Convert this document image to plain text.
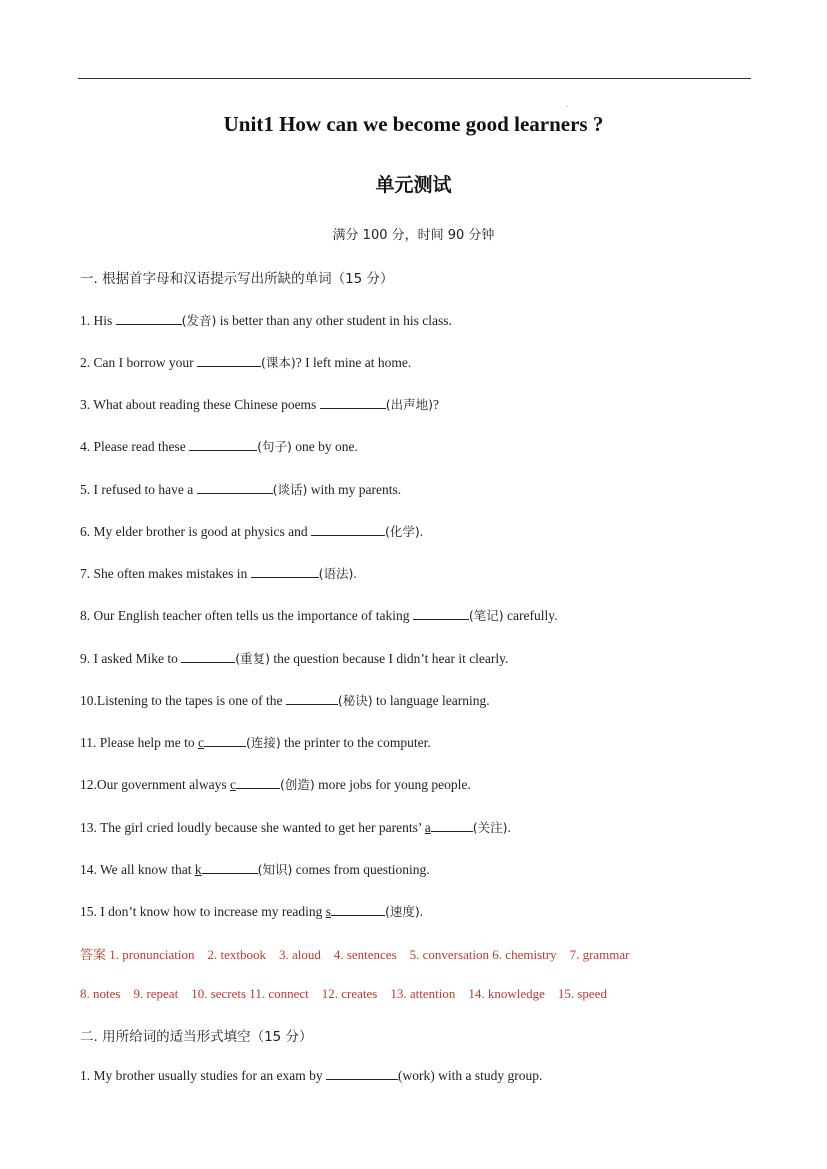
.
Unit1 How can we become good learners ?
单元测试
满分 100 分，时间 90 分钟
一. 根据首字母和汉语提示写出所缺的单词（15 分）
1. His	(发音) is better than any other student in his class.
2. Can I borrow your	(课本)? I left mine at home.
3. What about reading these Chinese poems	(出声地)?
4. Please read these	(句子) one by one.
5. I refused to have a	(谈话) with my parents.
6. My elder brother is good at physics and	(化学).
7. She often makes mistakes in	(语法).
8. Our English teacher often tells us the importance of taking	(笔记) carefully.
9. I asked Mike to	(重复) the question because I didn’t hear it clearly.
10.Listening to the tapes is one of the	(秘诀) to language learning.
11. Please help me to c	(连接) the printer to the computer.
12.Our government always c	(创造) more jobs for young people.
13. The girl cried loudly because she wanted to get her parents’ a	(关注).
14. We all know that k	(知识) comes from questioning.
15. I don’t know how to increase my reading s	(速度).
答案 1. pronunciation    2. textbook    3. aloud    4. sentences    5. conversation 6. chemistry    7. grammar
8. notes    9. repeat    10. secrets 11. connect    12. creates    13. attention    14. knowledge    15. speed
二. 用所给词的适当形式填空（15 分）
1. My brother usually studies for an exam by	(work) with a study group.
